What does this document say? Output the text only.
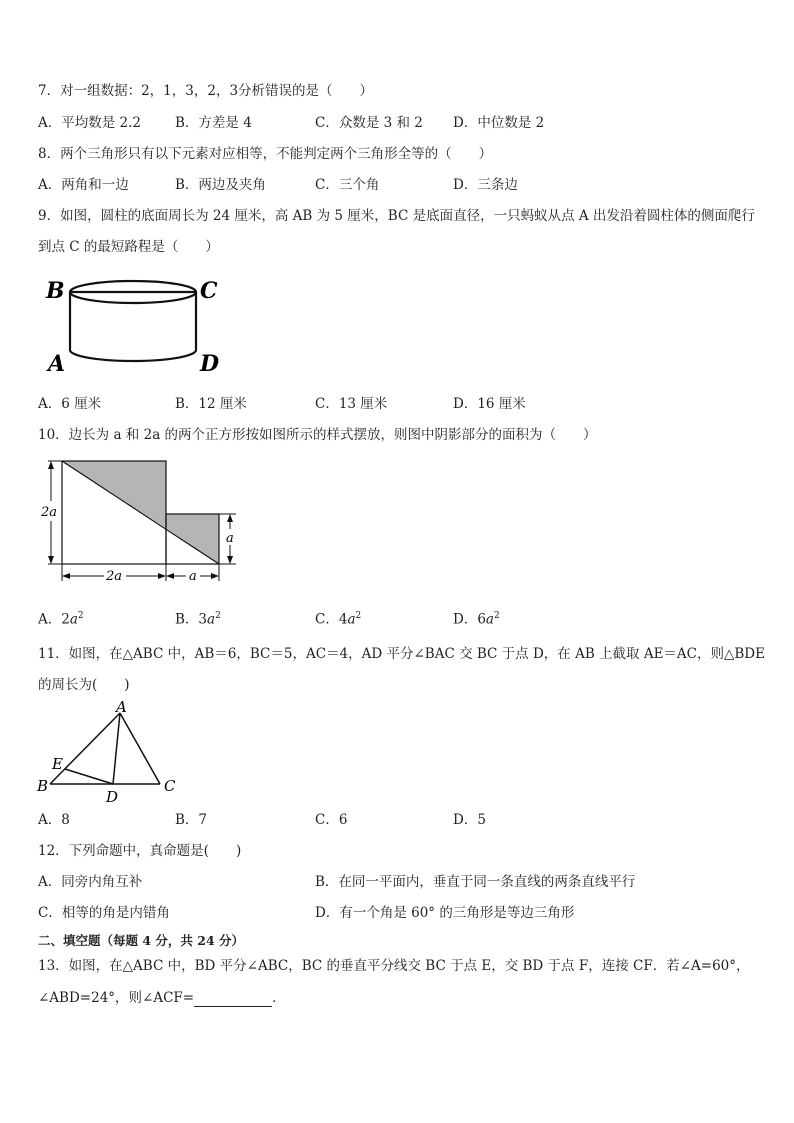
7．对一组数据：2，1，3，2，3分析错误的是（　　）
A．平均数是 2.2	B．方差是 4	C．众数是 3 和 2 D．中位数是 2
8．两个三角形只有以下元素对应相等，不能判定两个三角形全等的（　　）
A．两角和一边	B．两边及夹角	C．三个角	D．三条边
9．如图，圆柱的底面周长为 24 厘米，高 AB 为 5 厘米，BC 是底面直径，一只蚂蚁从点 A 出发沿着圆柱体的侧面爬行
到点 C 的最短路程是（　　）
B	C
A	D
A．6 厘米	B．12 厘米	C．13 厘米	D．16 厘米
10．边长为 a 和 2a 的两个正方形按如图所示的样式摆放，则图中阴影部分的面积为（　　）
2a
2a	a
a
A．$2a^2$	B．$3a^2$	C．$4a^2$	D．$6a^2$
11．如图，在△ABC 中，AB＝6，BC＝5，AC＝4，AD 平分∠BAC 交 BC 于点 D，在 AB 上截取 AE＝AC，则△BDE
的周长为(　　)
A
E
B
D
C
A．8	B．7	C．6	D．5
12．下列命题中，真命题是(　　)
A．同旁内角互补	B．在同一平面内，垂直于同一条直线的两条直线平行
C．相等的角是内错角	D．有一个角是 60° 的三角形是等边三角形
二、填空题（每题 4 分，共 24 分）
13．如图，在△ABC 中，BD 平分∠ABC，BC 的垂直平分线交 BC 于点 E，交 BD 于点 F，连接 CF．若∠A=60°，
∠ABD=24°，则∠ACF=	．
